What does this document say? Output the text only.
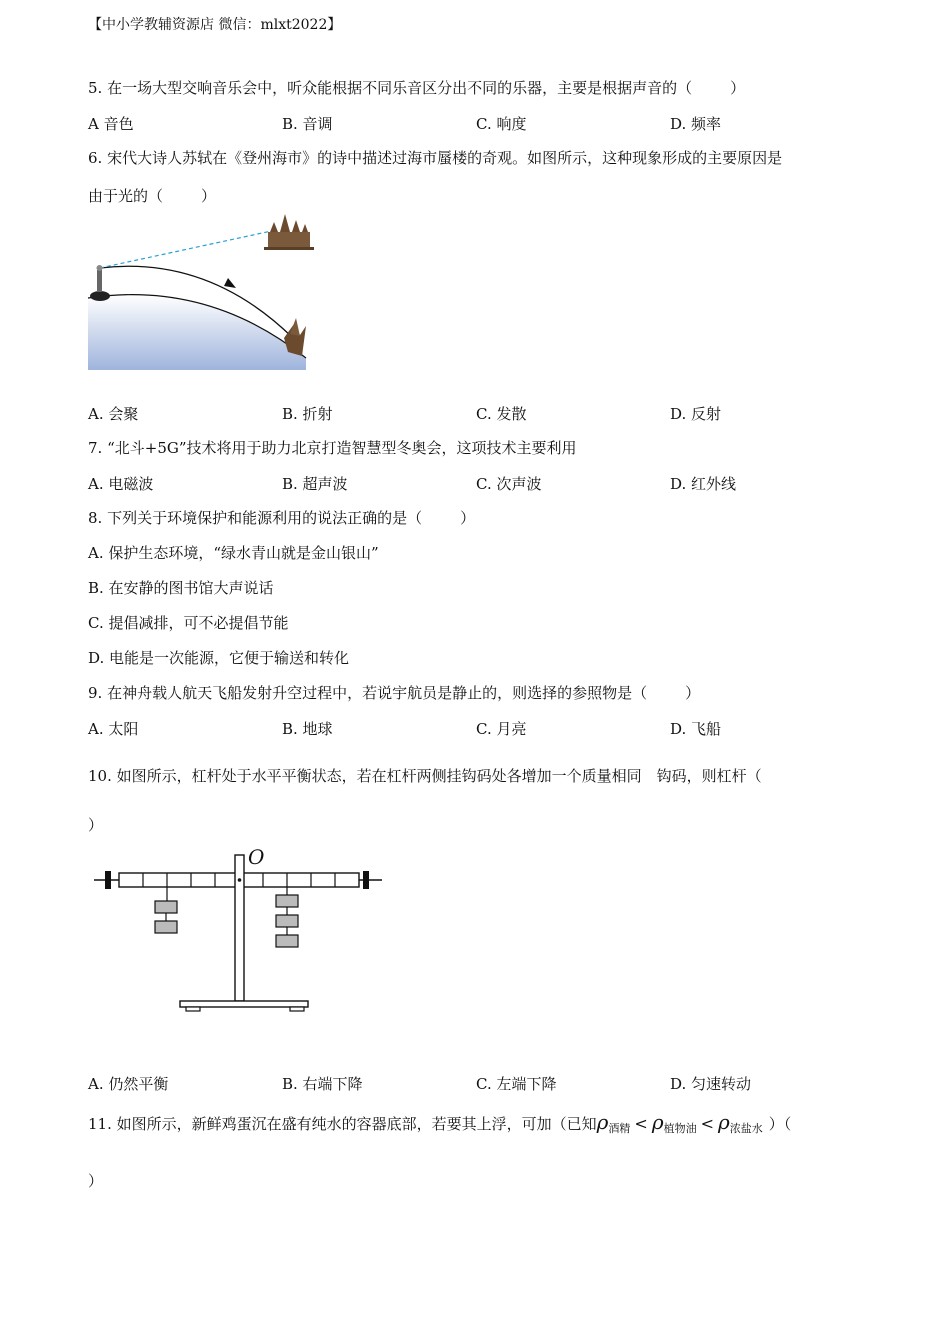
【中小学教辅资源店 微信：mlxt2022】
5. 在一场大型交响音乐会中，听众能根据不同乐音区分出不同的乐器，主要是根据声音的（	）
A 音色	B. 音调	C. 响度	D. 频率
6. 宋代大诗人苏轼在《登州海市》的诗中描述过海市蜃楼的奇观。如图所示，这种现象形成的主要原因是
由于光的（	）
A. 会聚	B. 折射	C. 发散	D. 反射
7. “北斗+5G”技术将用于助力北京打造智慧型冬奥会，这项技术主要利用
A. 电磁波	B. 超声波	C. 次声波	D. 红外线
8. 下列关于环境保护和能源利用的说法正确的是（	）
A. 保护生态环境，“绿水青山就是金山银山”
B. 在安静的图书馆大声说话
C. 提倡减排，可不必提倡节能
D. 电能是一次能源，它便于输送和转化
9. 在神舟载人航天飞船发射升空过程中，若说宇航员是静止的，则选择的参照物是（	）
A. 太阳	B. 地球	C. 月亮	D. 飞船
10. 如图所示，杠杆处于水平平衡状态，若在杠杆两侧挂钩码处各增加一个质量相同　钩码，则杠杆（
）
O
A. 仍然平衡	B. 右端下降	C. 左端下降	D. 匀速转动
11. 如图所示，新鲜鸡蛋沉在盛有纯水的容器底部，若要其上浮，可加（已知$\rho_{酒精} < \rho_{植物油} < \rho_{浓盐水}$ ）（
）
